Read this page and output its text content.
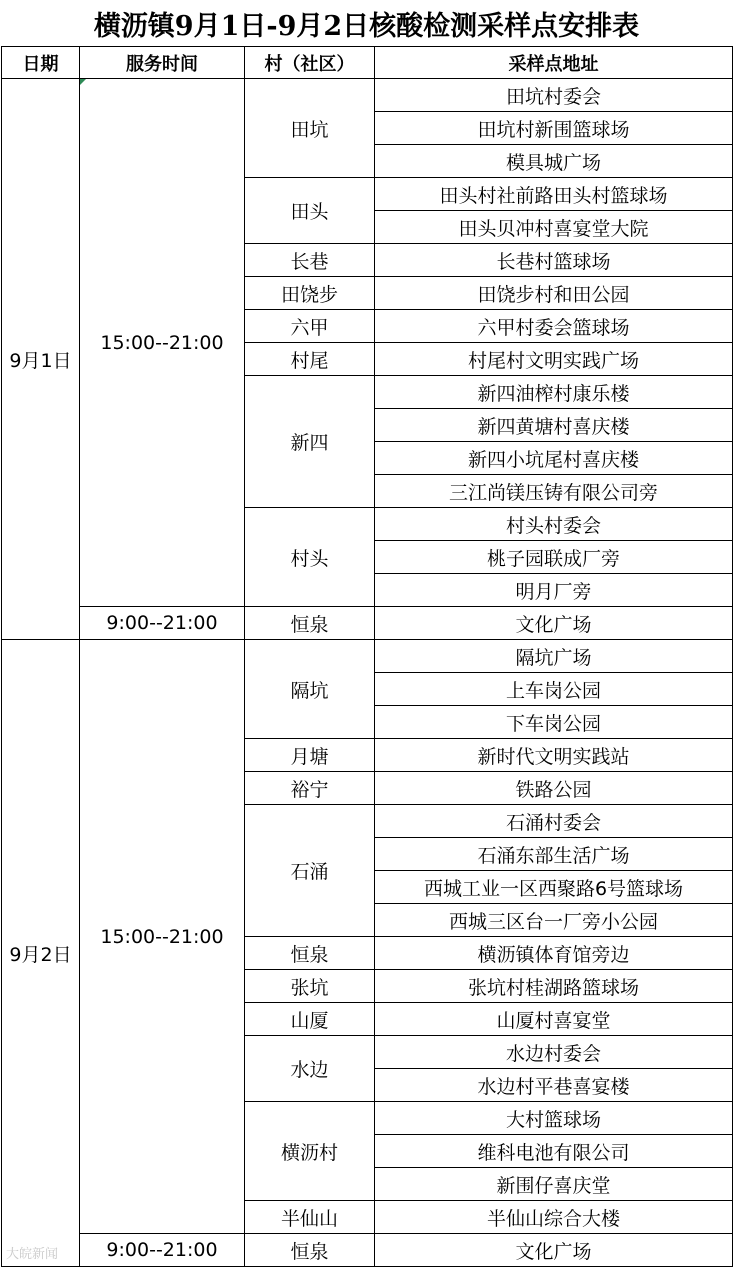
横沥镇9月1日-9月2日核酸检测采样点安排表
日期	服务时间	村（社区）	采样点地址
9月1日	15:00--21:00	田坑	田坑村委会
			田坑村新围篮球场
			模具城广场
		田头	田头村社前路田头村篮球场
			田头贝冲村喜宴堂大院
		长巷	长巷村篮球场
		田饶步	田饶步村和田公园
		六甲	六甲村委会篮球场
		村尾	村尾村文明实践广场
		新四	新四油榨村康乐楼
			新四黄塘村喜庆楼
			新四小坑尾村喜庆楼
			三江尚镁压铸有限公司旁
		村头	村头村委会
			桃子园联成厂旁
			明月厂旁
	9:00--21:00	恒泉	文化广场
9月2日	15:00--21:00	隔坑	隔坑广场
			上车岗公园
			下车岗公园
		月塘	新时代文明实践站
		裕宁	铁路公园
		石涌	石涌村委会
			石涌东部生活广场
			西城工业一区西聚路6号篮球场
			西城三区台一厂旁小公园
		恒泉	横沥镇体育馆旁边
		张坑	张坑村桂湖路篮球场
		山厦	山厦村喜宴堂
		水边	水边村委会
			水边村平巷喜宴楼
		横沥村	大村篮球场
			维科电池有限公司
			新围仔喜庆堂
		半仙山	半仙山综合大楼
	9:00--21:00	恒泉	文化广场
大皖新闻
